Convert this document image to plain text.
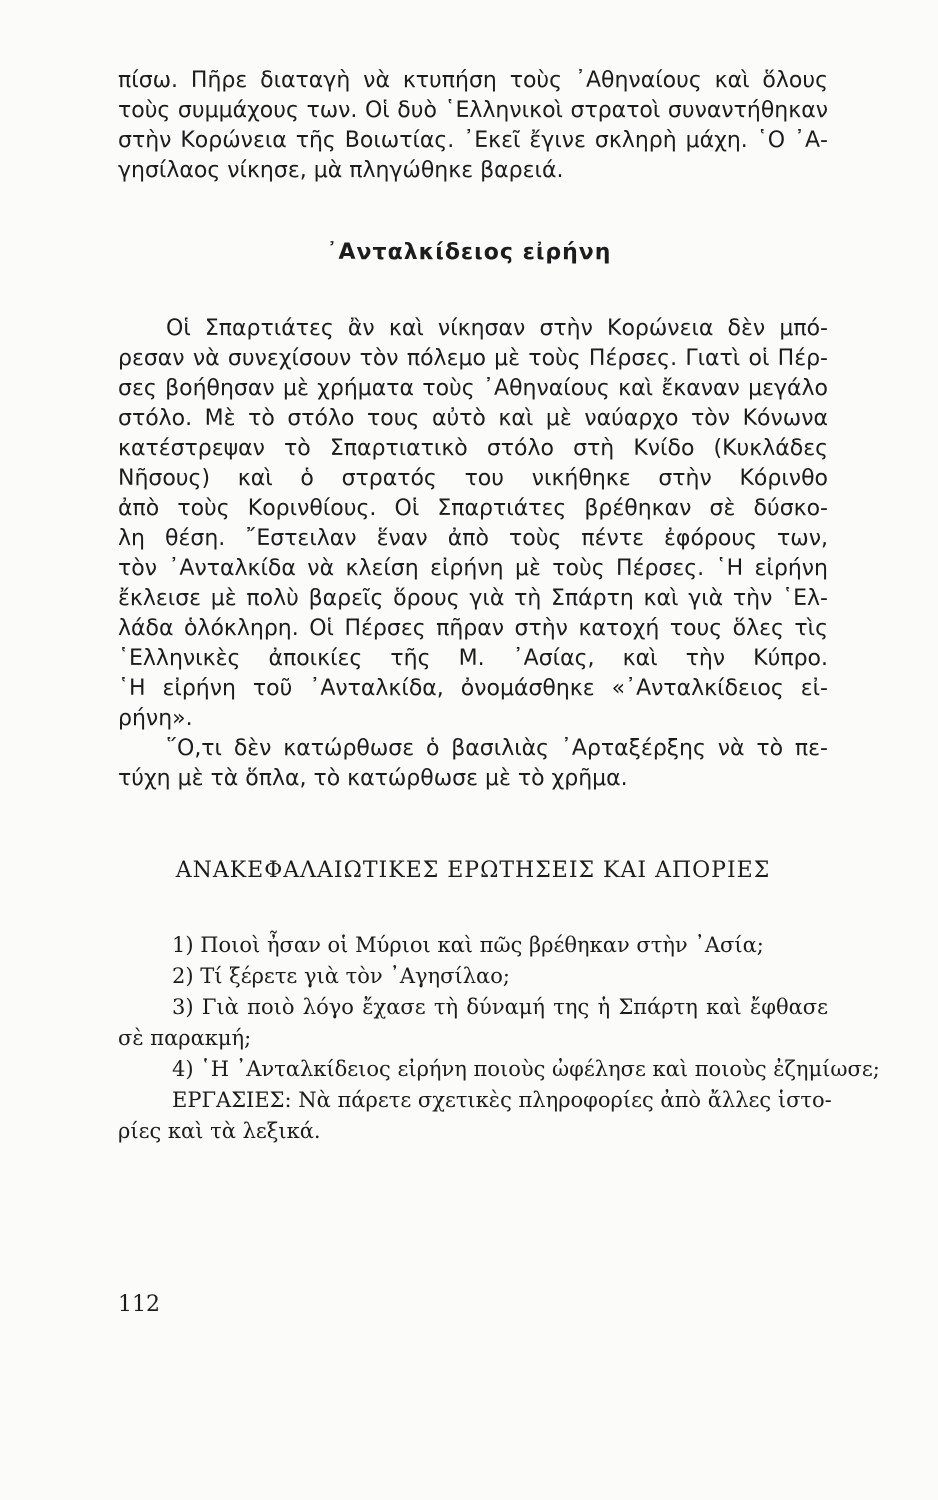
πίσω. Πῆρε διαταγὴ νὰ κτυπήση τοὺς ᾿Αθηναίους καὶ ὅλους
τοὺς συμμάχους των. Οἱ δυὸ ῾Ελληνικοὶ στρατοὶ συναντήθηκαν
στὴν Κορώνεια τῆς Βοιωτίας. ᾿Εκεῖ ἔγινε σκληρὴ μάχη. ῾Ο ᾿Α-
γησίλαος νίκησε, μὰ πληγώθηκε βαρειά.
᾿Ανταλκίδειος εἰρήνη
Οἱ Σπαρτιάτες ἂν καὶ νίκησαν στὴν Κορώνεια δὲν μπό-
ρεσαν νὰ συνεχίσουν τὸν πόλεμο μὲ τοὺς Πέρσες. Γιατὶ οἱ Πέρ-
σες βοήθησαν μὲ χρήματα τοὺς ᾿Αθηναίους καὶ ἔκαναν μεγάλο
στόλο. Μὲ τὸ στόλο τους αὐτὸ καὶ μὲ ναύαρχο τὸν Κόνωνα
κατέστρεψαν τὸ Σπαρτιατικὸ στόλο στὴ Κνίδο (Κυκλάδες
Νῆσους) καὶ ὁ στρατός του νικήθηκε στὴν Κόρινθο
ἀπὸ τοὺς Κορινθίους. Οἱ Σπαρτιάτες βρέθηκαν σὲ δύσκο-
λη θέση. ῎Εστειλαν ἕναν ἀπὸ τοὺς πέντε ἐφόρους των,
τὸν ᾿Ανταλκίδα νὰ κλείση εἰρήνη μὲ τοὺς Πέρσες. ῾Η εἰρήνη
ἔκλεισε μὲ πολὺ βαρεῖς ὅρους γιὰ τὴ Σπάρτη καὶ γιὰ τὴν ῾Ελ-
λάδα ὁλόκληρη. Οἱ Πέρσες πῆραν στὴν κατοχή τους ὅλες τὶς
῾Ελληνικὲς ἀποικίες τῆς Μ. ᾿Ασίας, καὶ τὴν Κύπρο.
῾Η εἰρήνη τοῦ ᾿Ανταλκίδα, ὀνομάσθηκε «᾿Ανταλκίδειος εἰ-
ρήνη».
῞Ο,τι δὲν κατώρθωσε ὁ βασιλιὰς ᾿Αρταξέρξης νὰ τὸ πε-
τύχη μὲ τὰ ὅπλα, τὸ κατώρθωσε μὲ τὸ χρῆμα.
ΑΝΑΚΕΦΑΛΑΙΩΤΙΚΕΣ ΕΡΩΤΗΣΕΙΣ ΚΑΙ ΑΠΟΡΙΕΣ
1) Ποιοὶ ἦσαν οἱ Μύριοι καὶ πῶς βρέθηκαν στὴν ᾿Ασία;
2) Τί ξέρετε γιὰ τὸν ᾿Αγησίλαο;
3) Γιὰ ποιὸ λόγο ἔχασε τὴ δύναμή της ἡ Σπάρτη καὶ ἔφθασε
σὲ παρακμή;
4) ῾Η ᾿Ανταλκίδειος εἰρήνη ποιοὺς ὠφέλησε καὶ ποιοὺς ἐζημίωσε;
ΕΡΓΑΣΙΕΣ: Νὰ πάρετε σχετικὲς πληροφορίες ἀπὸ ἄλλες ἱστο-
ρίες καὶ τὰ λεξικά.
112
